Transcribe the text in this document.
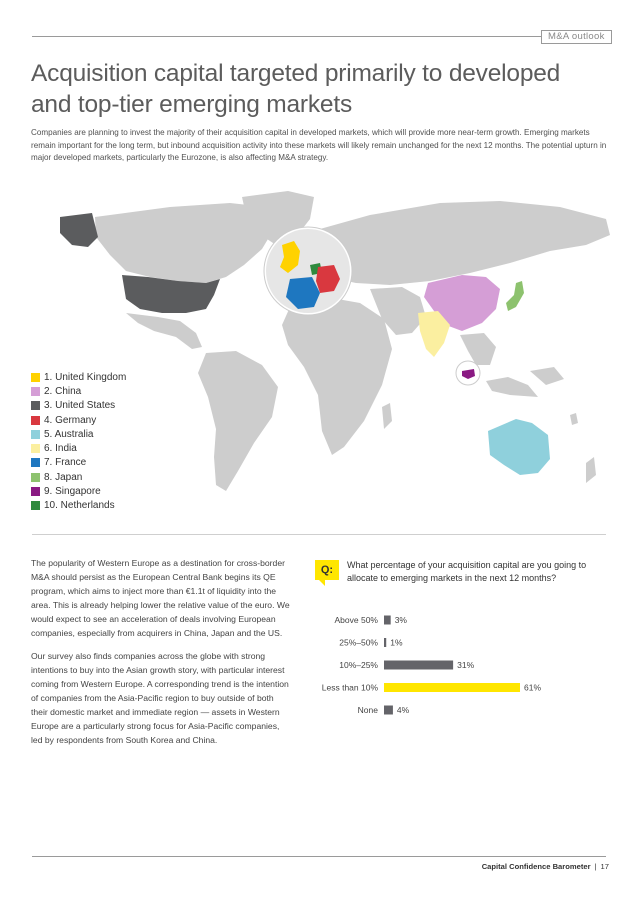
M&A outlook
Acquisition capital targeted primarily to developed
and top-tier emerging markets

Companies are planning to invest the majority of their acquisition capital in developed markets, which will provide more near-term growth. Emerging markets remain important for the long term, but inbound acquisition activity into these markets will likely remain unchanged for the next 12 months. The potential upturn in major developed markets, particularly the Eurozone, is also affecting M&A strategy.

1. United Kingdom
2. China
3. United States
4. Germany
5. Australia
6. India
7. France
8. Japan
9. Singapore
10. Netherlands

The popularity of Western Europe as a destination for cross-border M&A should persist as the European Central Bank begins its QE program, which aims to inject more than €1.1t of liquidity into the area. This is already helping lower the relative value of the euro. We would expect to see an acceleration of deals involving European companies, especially from acquirers in China, Japan and the US.

Our survey also finds companies across the globe with strong intentions to buy into the Asian growth story, with particular interest coming from Western Europe. A corresponding trend is the intention of companies from the Asia-Pacific region to buy outside of both their domestic market and immediate region — assets in Western Europe are a particularly strong focus for Asia-Pacific companies, led by respondents from South Korea and China.

Q:	What percentage of your acquisition capital are you going to allocate to emerging markets in the next 12 months?
Above 50% 3%
25%–50% 1%
10%–25%	31%
Less than 10%	61%
None 4%
Capital Confidence Barometer | 17
